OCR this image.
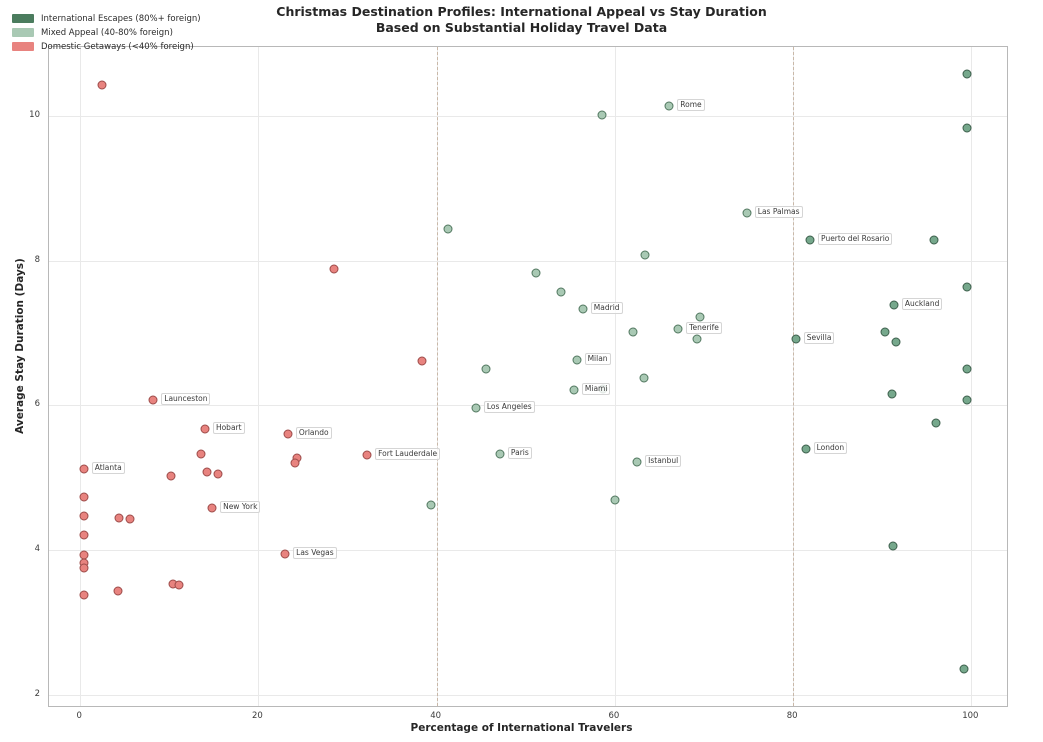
Christmas Destination Profiles: International Appeal vs Stay Duration
Based on Substantial Holiday Travel Data
Launceston
Hobart
Orlando
Fort Lauderdale
Atlanta
New York
Las Vegas
Rome
Las Palmas
Madrid
Tenerife
Milan
Miami
Los Angeles
Paris
Istanbul
Puerto del Rosario
Auckland
Sevilla
London
0	20	40	60	80	100
2
4
6
8
10
Percentage of International Travelers
Average Stay Duration (Days)
International Escapes (80%+ foreign)
Mixed Appeal (40-80% foreign)
Domestic Getaways (<40% foreign)
